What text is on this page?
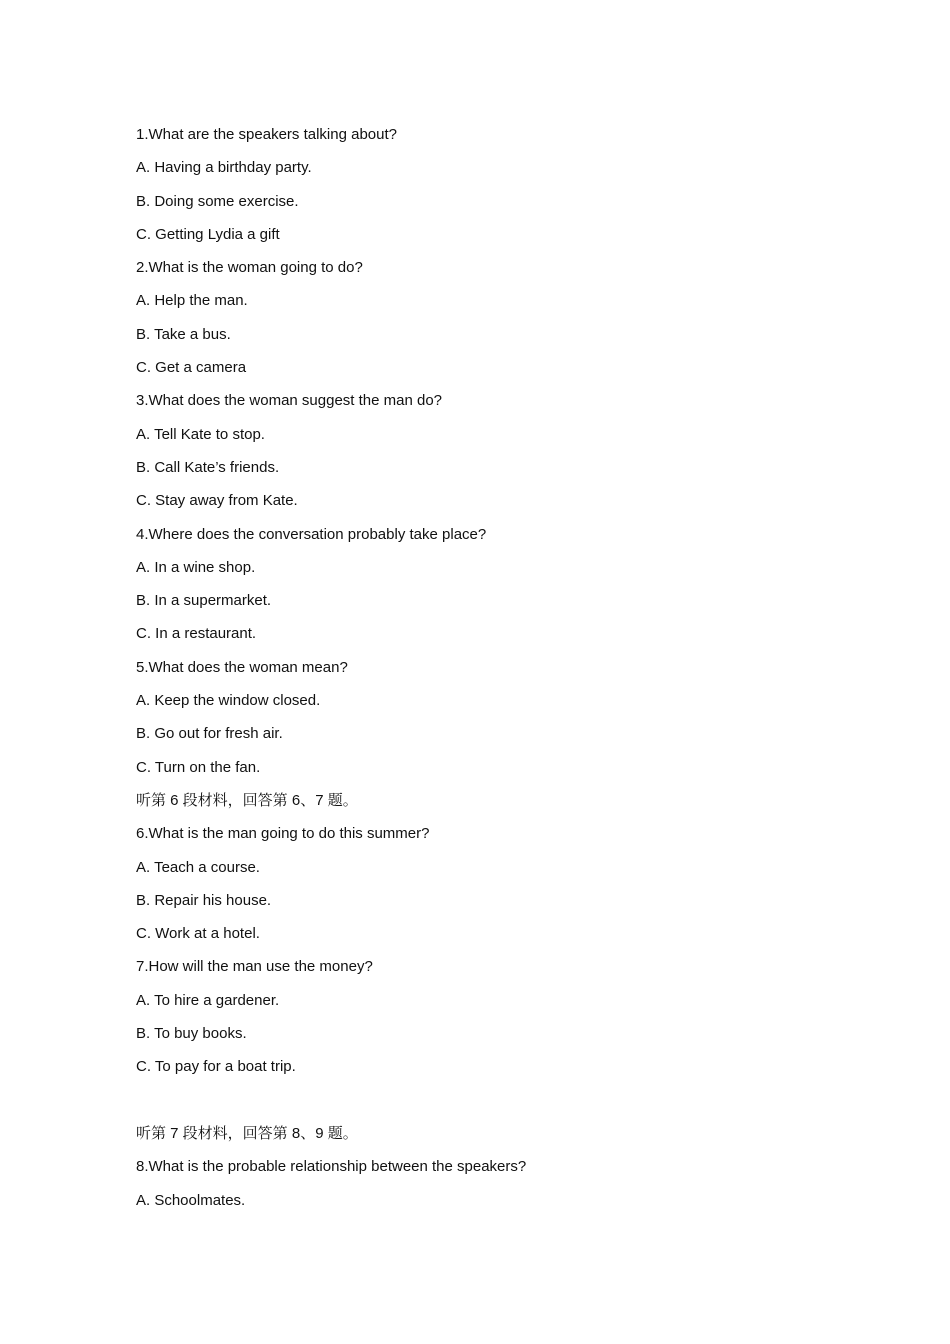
1.What are the speakers talking about?
A. Having a birthday party.
B. Doing some exercise.
C. Getting Lydia a gift
2.What is the woman going to do?
A. Help the man.
B. Take a bus.
C. Get a camera
3.What does the woman suggest the man do?
A. Tell Kate to stop.
B. Call Kate’s friends.
C. Stay away from Kate.
4.Where does the conversation probably take place?
A. In a wine shop.
B. In a supermarket.
C. In a restaurant.
5.What does the woman mean?
A. Keep the window closed.
B. Go out for fresh air.
C. Turn on the fan.
听第 6 段材料，回答第 6、7 题。
6.What is the man going to do this summer?
A. Teach a course.
B. Repair his house.
C. Work at a hotel.
7.How will the man use the money?
A. To hire a gardener.
B. To buy books.
C. To pay for a boat trip.
听第 7 段材料，回答第 8、9 题。
8.What is the probable relationship between the speakers?
A. Schoolmates.
